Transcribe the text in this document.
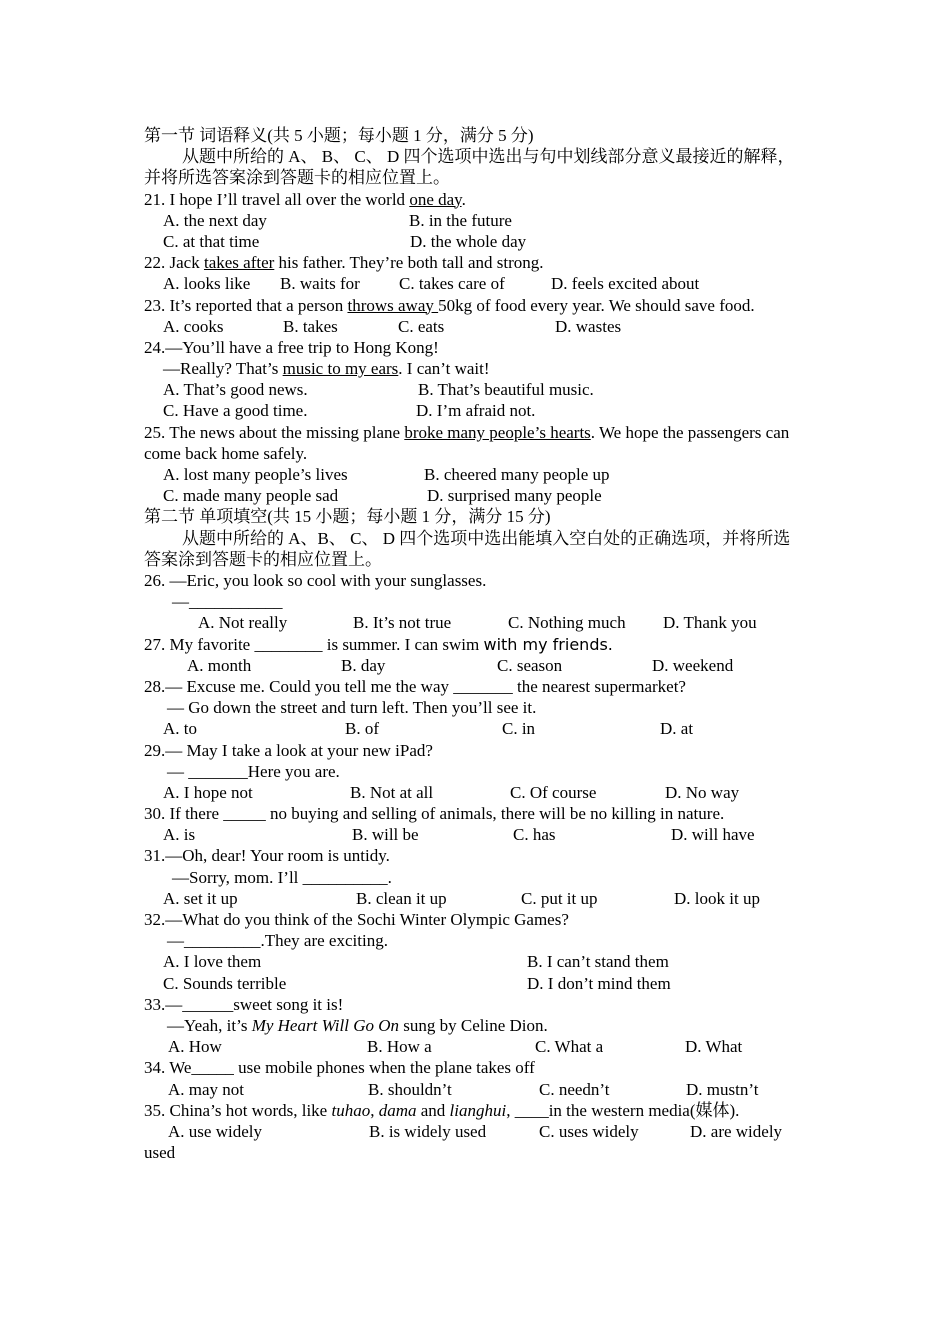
第一节 词语释义(共 5 小题；每小题 1 分，满分 5 分)
从题中所给的 A、 B、 C、 D 四个选项中选出与句中划线部分意义最接近的解释，并将所选答案涂到答题卡的相应位置上。
21. I hope I’ll travel all over the world one day.
A. the next day	B. in the future
C. at that time	D. the whole day
22. Jack takes after his father. They’re both tall and strong.
A. looks like B. waits for C. takes care of	D. feels excited about
23. It’s reported that a person throws away 50kg of food every year. We should save food.
A. cooks	B. takes	C. eats	D. wastes
24.—You’ll have a free trip to Hong Kong!
—Really? That’s music to my ears. I can’t wait!
A. That’s good news.	B. That’s beautiful music.
C. Have a good time.	D. I’m afraid not.
25. The news about the missing plane broke many people’s hearts. We hope the passengers can come back home safely.
A. lost many people’s lives	B. cheered many people up
C. made many people sad	D. surprised many people
第二节 单项填空(共 15 小题；每小题 1 分，满分 15 分)
从题中所给的 A、B、 C、 D 四个选项中选出能填入空白处的正确选项，并将所选答案涂到答题卡的相应位置上。
26. —Eric, you look so cool with your sunglasses.
—___________
A. Not really	B. It’s not true	C. Nothing much D. Thank you
27. My favorite ________ is summer. I can swim with my friends.
A. month	B. day	C. season	D. weekend
28.— Excuse me. Could you tell me the way _______ the nearest supermarket?
— Go down the street and turn left. Then you’ll see it.
A. to	B. of	C. in	D. at
29.— May I take a look at your new iPad?
— _______Here you are.
A. I hope not	B. Not at all	C. Of course	D. No way
30. If there _____ no buying and selling of animals, there will be no killing in nature.
A. is	B. will be	C. has	D. will have
31.—Oh, dear! Your room is untidy.
—Sorry, mom. I’ll __________.
A. set it up	B. clean it up	C. put it up	D. look it up
32.—What do you think of the Sochi Winter Olympic Games?
—_________.They are exciting.
A. I love them	B. I can’t stand them
C. Sounds terrible	D. I don’t mind them
33.—______sweet song it is!
—Yeah, it’s My Heart Will Go On sung by Celine Dion.
A. How	B. How a	C. What a	D. What
34. We_____ use mobile phones when the plane takes off
A. may not	B. shouldn’t	C. needn’t	D. mustn’t
35. China’s hot words, like tuhao, dama and lianghui, ____in the western media(媒体).
A. use widely	B. is widely used	C. uses widely	D. are widely
used
